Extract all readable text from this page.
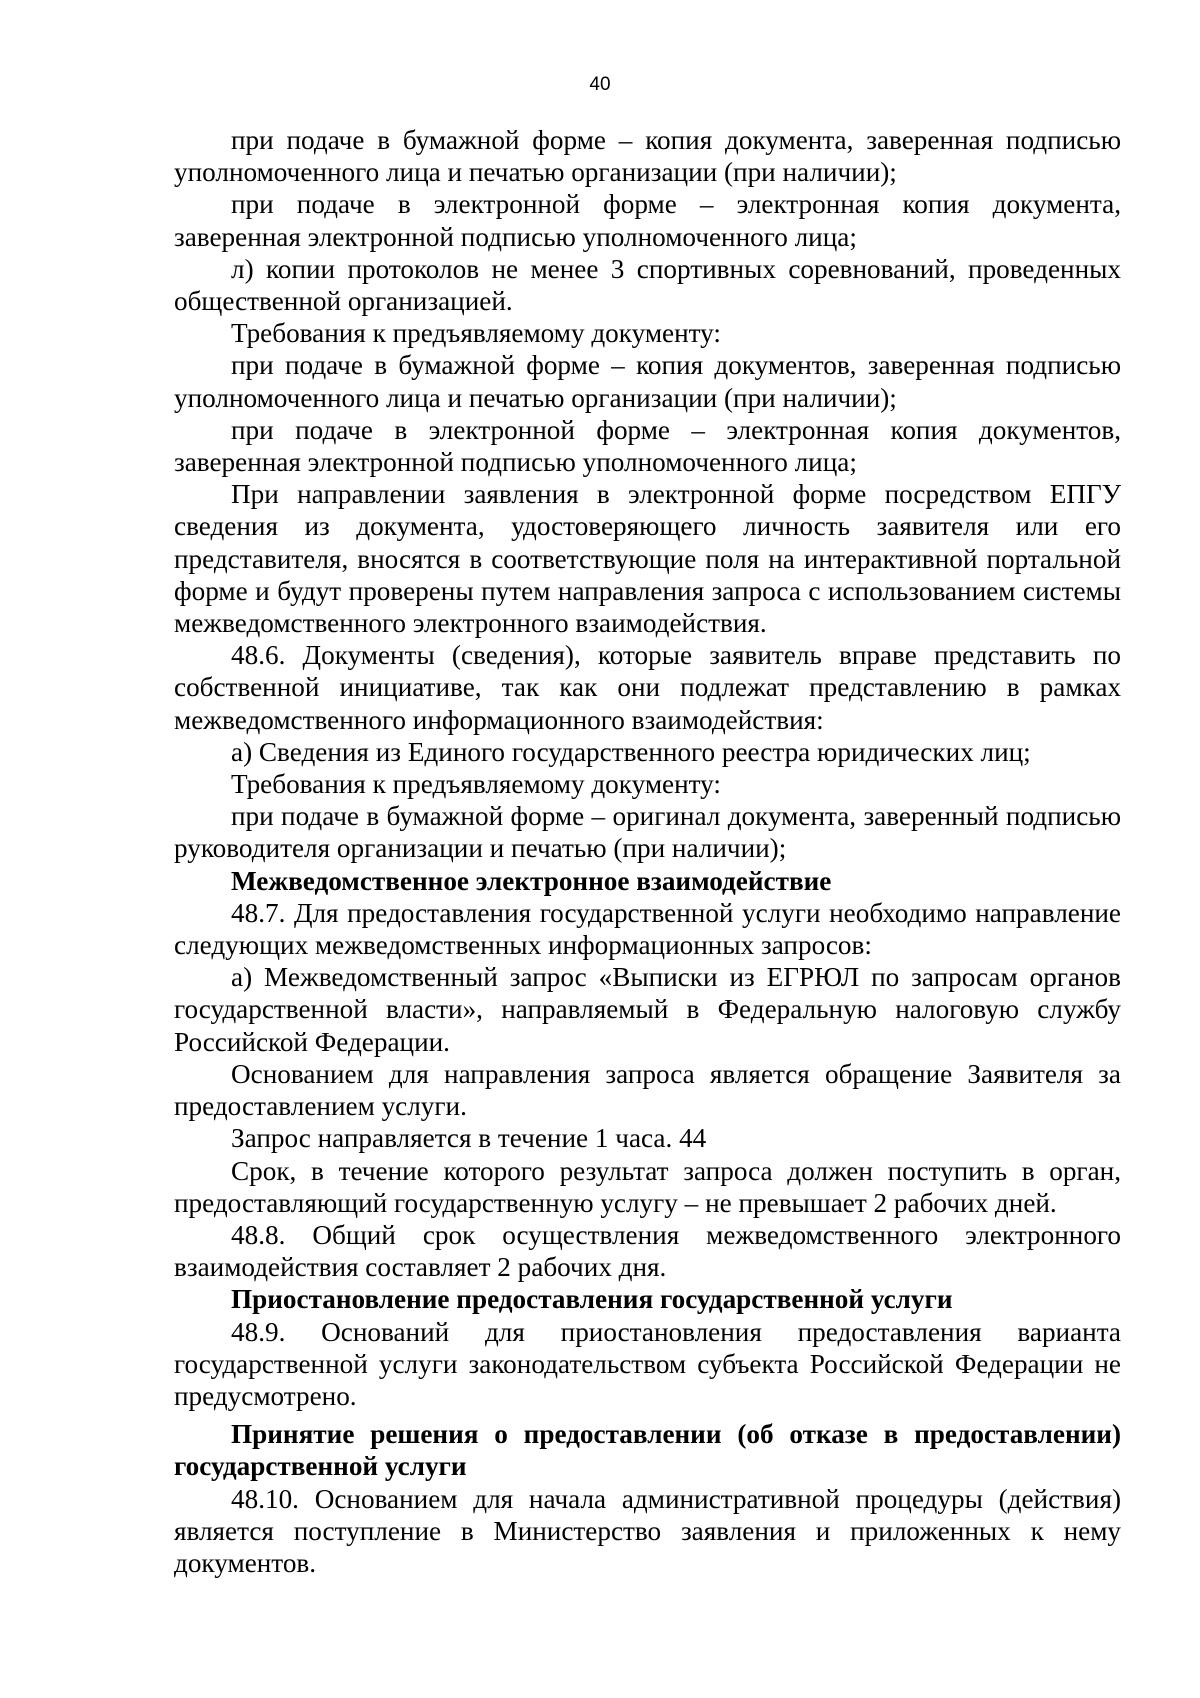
40

при подаче в бумажной форме – копия документа, заверенная подписью уполномоченного лица и печатью организации (при наличии);

при подаче в электронной форме – электронная копия документа, заверенная электронной подписью уполномоченного лица;

л) копии протоколов не менее 3 спортивных соревнований, проведенных общественной организацией.

Требования к предъявляемому документу:

при подаче в бумажной форме – копия документов, заверенная подписью уполномоченного лица и печатью организации (при наличии);

при подаче в электронной форме – электронная копия документов, заверенная электронной подписью уполномоченного лица;

При направлении заявления в электронной форме посредством ЕПГУ сведения из документа, удостоверяющего личность заявителя или его представителя, вносятся в соответствующие поля на интерактивной портальной форме и будут проверены путем направления запроса с использованием системы межведомственного электронного взаимодействия.

48.6. Документы (сведения), которые заявитель вправе представить по собственной инициативе, так как они подлежат представлению в рамках межведомственного информационного взаимодействия:

а) Сведения из Единого государственного реестра юридических лиц;

Требования к предъявляемому документу:

при подаче в бумажной форме – оригинал документа, заверенный подписью руководителя организации и печатью (при наличии);

Межведомственное электронное взаимодействие

48.7. Для предоставления государственной услуги необходимо направление следующих межведомственных информационных запросов:

а) Межведомственный запрос «Выписки из ЕГРЮЛ по запросам органов государственной власти», направляемый в Федеральную налоговую службу Российской Федерации.

Основанием для направления запроса является обращение Заявителя за предоставлением услуги.

Запрос направляется в течение 1 часа. 44

Срок, в течение которого результат запроса должен поступить в орган, предоставляющий государственную услугу – не превышает 2 рабочих дней.

48.8. Общий срок осуществления межведомственного электронного взаимодействия составляет 2 рабочих дня.

Приостановление предоставления государственной услуги

48.9. Оснований для приостановления предоставления варианта государственной услуги законодательством субъекта Российской Федерации не предусмотрено.

Принятие решения о предоставлении (об отказе в предоставлении) государственной услуги

48.10. Основанием для начала административной процедуры (действия) является поступление в Министерство заявления и приложенных к нему документов.
